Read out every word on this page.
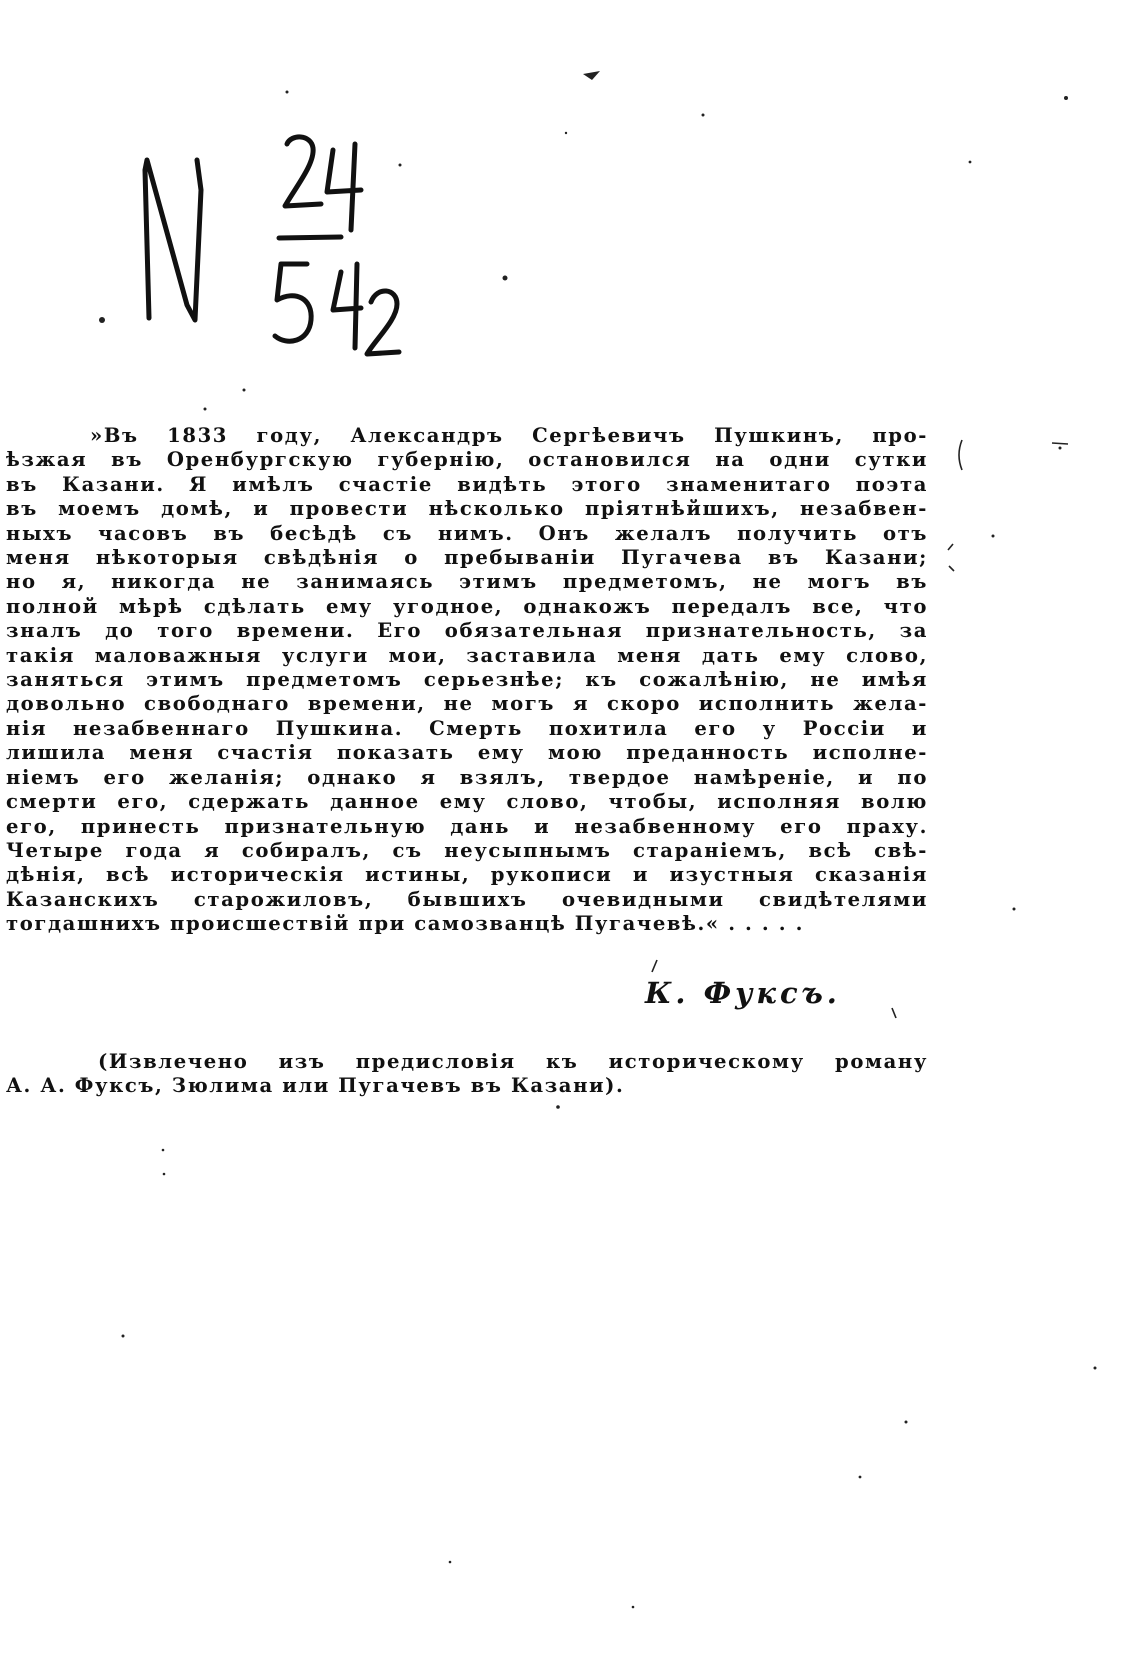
»Въ 1833 году, Александръ Сергѣевичъ Пушкинъ, про-
ѣзжая въ Оренбургскую губернію, остановился на одни сутки
въ Казани. Я имѣлъ счастіе видѣть этого знаменитаго поэта
въ моемъ домѣ, и провести нѣсколько пріятнѣйшихъ, незабвен-
ныхъ часовъ въ бесѣдѣ съ нимъ. Онъ желалъ получить отъ
меня нѣкоторыя свѣдѣнія о пребываніи Пугачева въ Казани;
но я, никогда не занимаясь этимъ предметомъ, не могъ въ
полной мѣрѣ сдѣлать ему угодное, однакожъ передалъ все, что
зналъ до того времени. Его обязательная признательность, за
такія маловажныя услуги мои, заставила меня дать ему слово,
заняться этимъ предметомъ серьезнѣе; къ сожалѣнію, не имѣя
довольно свободнаго времени, не могъ я скоро исполнить жела-
нія незабвеннаго Пушкина. Смерть похитила его у Россіи и
лишила меня счастія показать ему мою преданность исполне-
ніемъ его желанія; однако я взялъ, твердое намѣреніе, и по
смерти его, сдержать данное ему слово, чтобы, исполняя волю
его, принесть признательную дань и незабвенному его праху.
Четыре года я собиралъ, съ неусыпнымъ стараніемъ, всѣ свѣ-
дѣнія, всѣ историческія истины, рукописи и изустныя сказанія
Казанскихъ старожиловъ, бывшихъ очевидными свидѣтелями
тогдашнихъ происшествій при самозванцѣ Пугачевѣ.« . . . . .
К. Фуксъ.
(Извлечено изъ предисловія къ историческому роману
А. А. Фуксъ, Зюлима или Пугачевъ въ Казани).
